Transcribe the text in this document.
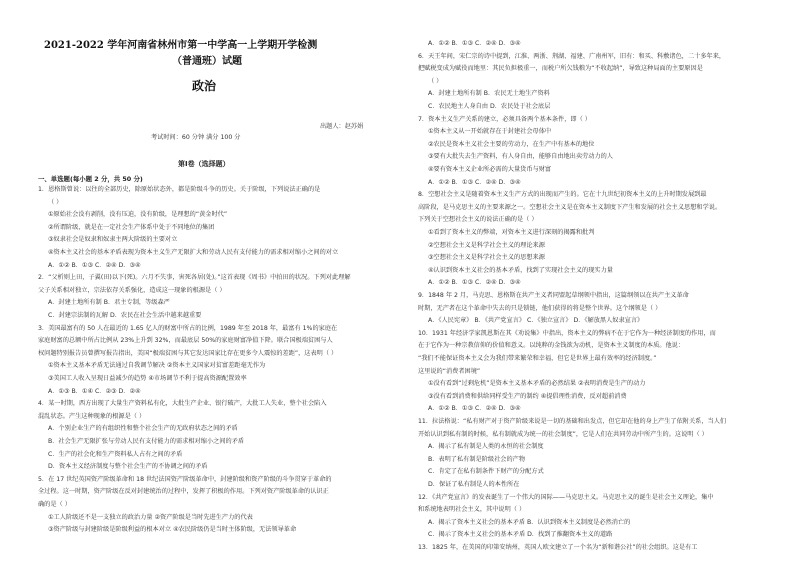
2021-2022 学年河南省林州市第一中学高一上学期开学检测
（普通班）试题
政治
出题人：赵苏娟
考试时间：60 分钟 满分 100 分
第Ⅰ卷（选择题）
一、单选题(每小题 2 分，共 50 分)
1．恩格斯曾说：以往的全部历史，除原始状态外，都是阶级斗争的历史。关于阶级，下列说法正确的是
（ ）
①原始社会没有剥削，没有压迫，没有阶级，是理想的“黄金时代”
②所谓阶级，就是在一定社会生产体系中处于不同地位的集团
③奴隶社会是奴隶和奴隶主两大阶级的主要对立
④资本主义社会的基本矛盾表现为资本主义生产无限扩大和劳动人民有支付能力的需求相对缩小之间的对立
A．①② B．①③ C．②④ D．③④
2．“父析则上田，子翼(田)以下(死)。六月不失事，害死各居(处)。”这首表现《周书》中拍田的状况。下列对此理解
父子关系相对独立，宗法依存关系强化，造成这一现象的根源是（ ）
A．封建土地所有制 B．君主专制，等级森严
C．封建宗法制的瓦解 D．农民在社会生活中越来越重要
3．美国最富有的 50 人在最近的 1.65 亿人的财富中所占的比例，1989 年至 2018 年，最富有 1%的家庭在
家庭财富的总额中所占比例从 23%上升到 32%，而最底层 50%的家庭财富净值下降。联合国极端贫困与人
权问题特别报告员曾撰写报告指出，美国“极端贫困与其它发达国家比存在更多令人震惊的差距”，这表明（ ）
①资本主义基本矛盾无法通过自我调节解决 ②资本主义国家对贫富差距毫无作为
③美国工人收入呈现日益减少的趋势 ④市场调节不利于提高资源配置效率
A．①③ B．①④ C．②③ D．②④
4．某一时期，西方出现了大量生产资料私有化，大批生产企业、银行破产，大批工人失业，整个社会陷入
混乱状态。产生这种现象的根源是（ ）
A．个别企业生产的有组织性和整个社会生产的无政府状态之间的矛盾
B．社会生产无限扩张与劳动人民有支付能力的需求相对缩小之间的矛盾
C．生产的社会化和生产资料私人占有之间的矛盾
D．资本主义经济制度与整个社会生产的不协调之间的矛盾
5．在 17 世纪英国资产阶级革命和 18 世纪法国资产阶级革命中，封建阶级和资产阶级的斗争贯穿于革命的
全过程。这一时期，资产阶级在反对封建统治的过程中，发挥了积极的作用。下列对资产阶级革命的认识正
确的是（ ）
①工人阶级还不是一支独立的政治力量 ②资产阶级是当时先进生产力的代表
③资产阶级与封建阶级是阶级利益的根本对立 ④农民阶级仍是当时主体阶级，无法领导革命
A．①② B．①③ C．②④ D．③④
6．天王年间，宋仁宗的诗中提到，江淮、两浙、荆湖、福建、广南州军，旧有：和买、科敷诸色，二十多年来，
把赋税变成为赋役而地里：其民负担极重一，而税户所欠钱粮为“不收起纳”，导致这种局面的主要原因是
（ ）
A．封建土地所有制 B．农民无土地生产资料
C．农民地主人身自由 D．农民处于社会底层
7．资本主义生产关系的建立，必须具备两个基本条件，即（ ）
①资本主义从一开始就存在于封建社会母体中
②农民是资本主义社会主要的劳动力，在生产中有基本的地位
③要有大批失去生产资料，有人身自由，能够自由地出卖劳动力的人
④要有资本主义企业所必需的大量货币与财富
A．①② B．①③ C．②④ D．③④
8．空想社会主义是随着资本主义生产方式的出现而产生的。它在十九世纪初资本主义的上升时期发展到最
高阶段，是马克思主义的主要来源之一。空想社会主义是在资本主义制度下产生和发展的社会主义思想和学说。
下列关于空想社会主义的说法正确的是（ ）
①看到了资本主义的弊端，对资本主义进行深刻的揭露和批判
②空想社会主义是科学社会主义的理论来源
③空想社会主义是科学社会主义的思想来源
④认识到资本主义社会的基本矛盾，找到了实现社会主义的现实力量
A．①② B．①③ C．②④ D．③④
9．1848 年 2 月，马克思、恩格斯在共产主义者同盟起草纲领中指出，这篇纲领以在共产主义革命
时期，无产者在这个革命中失去的只是锁链，他们获得的将是整个世界。这个纲领是（ ）
A．《人民宪章》 B．《共产党宣言》 C．《独立宣言》 D．《解放黑人奴隶宣言》
10．1931 年经济学家凯恩斯在其《劝说集》中指出，资本主义的弊病不在于它作为一种经济制度的作用，而
在于它作为一种宗教信仰的价值和意义。以纯粹的金钱欲为动机，是资本主义制度的本质。他说：
“我们不能保证资本主义会为我们带来繁荣和幸福，但它是世界上最有效率的经济制度。”
这里说的“消费者困境”
①没有看到“过剩危机”是资本主义基本矛盾的必然结果 ②表明消费是生产的动力
③没有看到消费和供给同样受生产的制约 ④提倡理性消费，反对超前消费
A．①② B．①③ C．②④ D．③④
11．拉法格说：“私有财产对于资产阶级来说是一切的基础和出发点，但它却在他的身上产生了依附关系，当人们
开始认识到私有制的时候，私有制就成为统一的社会制度”，它是人们在共同劳动中所产生的。这说明（ ）
A．揭示了私有制是人类的永恒的社会制度
B．表明了私有制是阶级社会的产物
C．肯定了在私有制条件下财产的分配方式
D．保证了私有制是人的本性所在
12．《共产党宣言》的发表诞生了一个伟大的国际——马克思主义。马克思主义的诞生是社会主义理论，集中
和系统地表明社会主义，其中说明（ ）
A．揭示了资本主义社会的基本矛盾 B．认识到资本主义制度是必然消亡的
C．揭示了资本主义社会的基本矛盾 D．找到了推翻资本主义的道路
13．1825 年，在美国的印第安纳州，英国人欧文建立了一个名为“新和谐公社”的社会组织。这是有工
